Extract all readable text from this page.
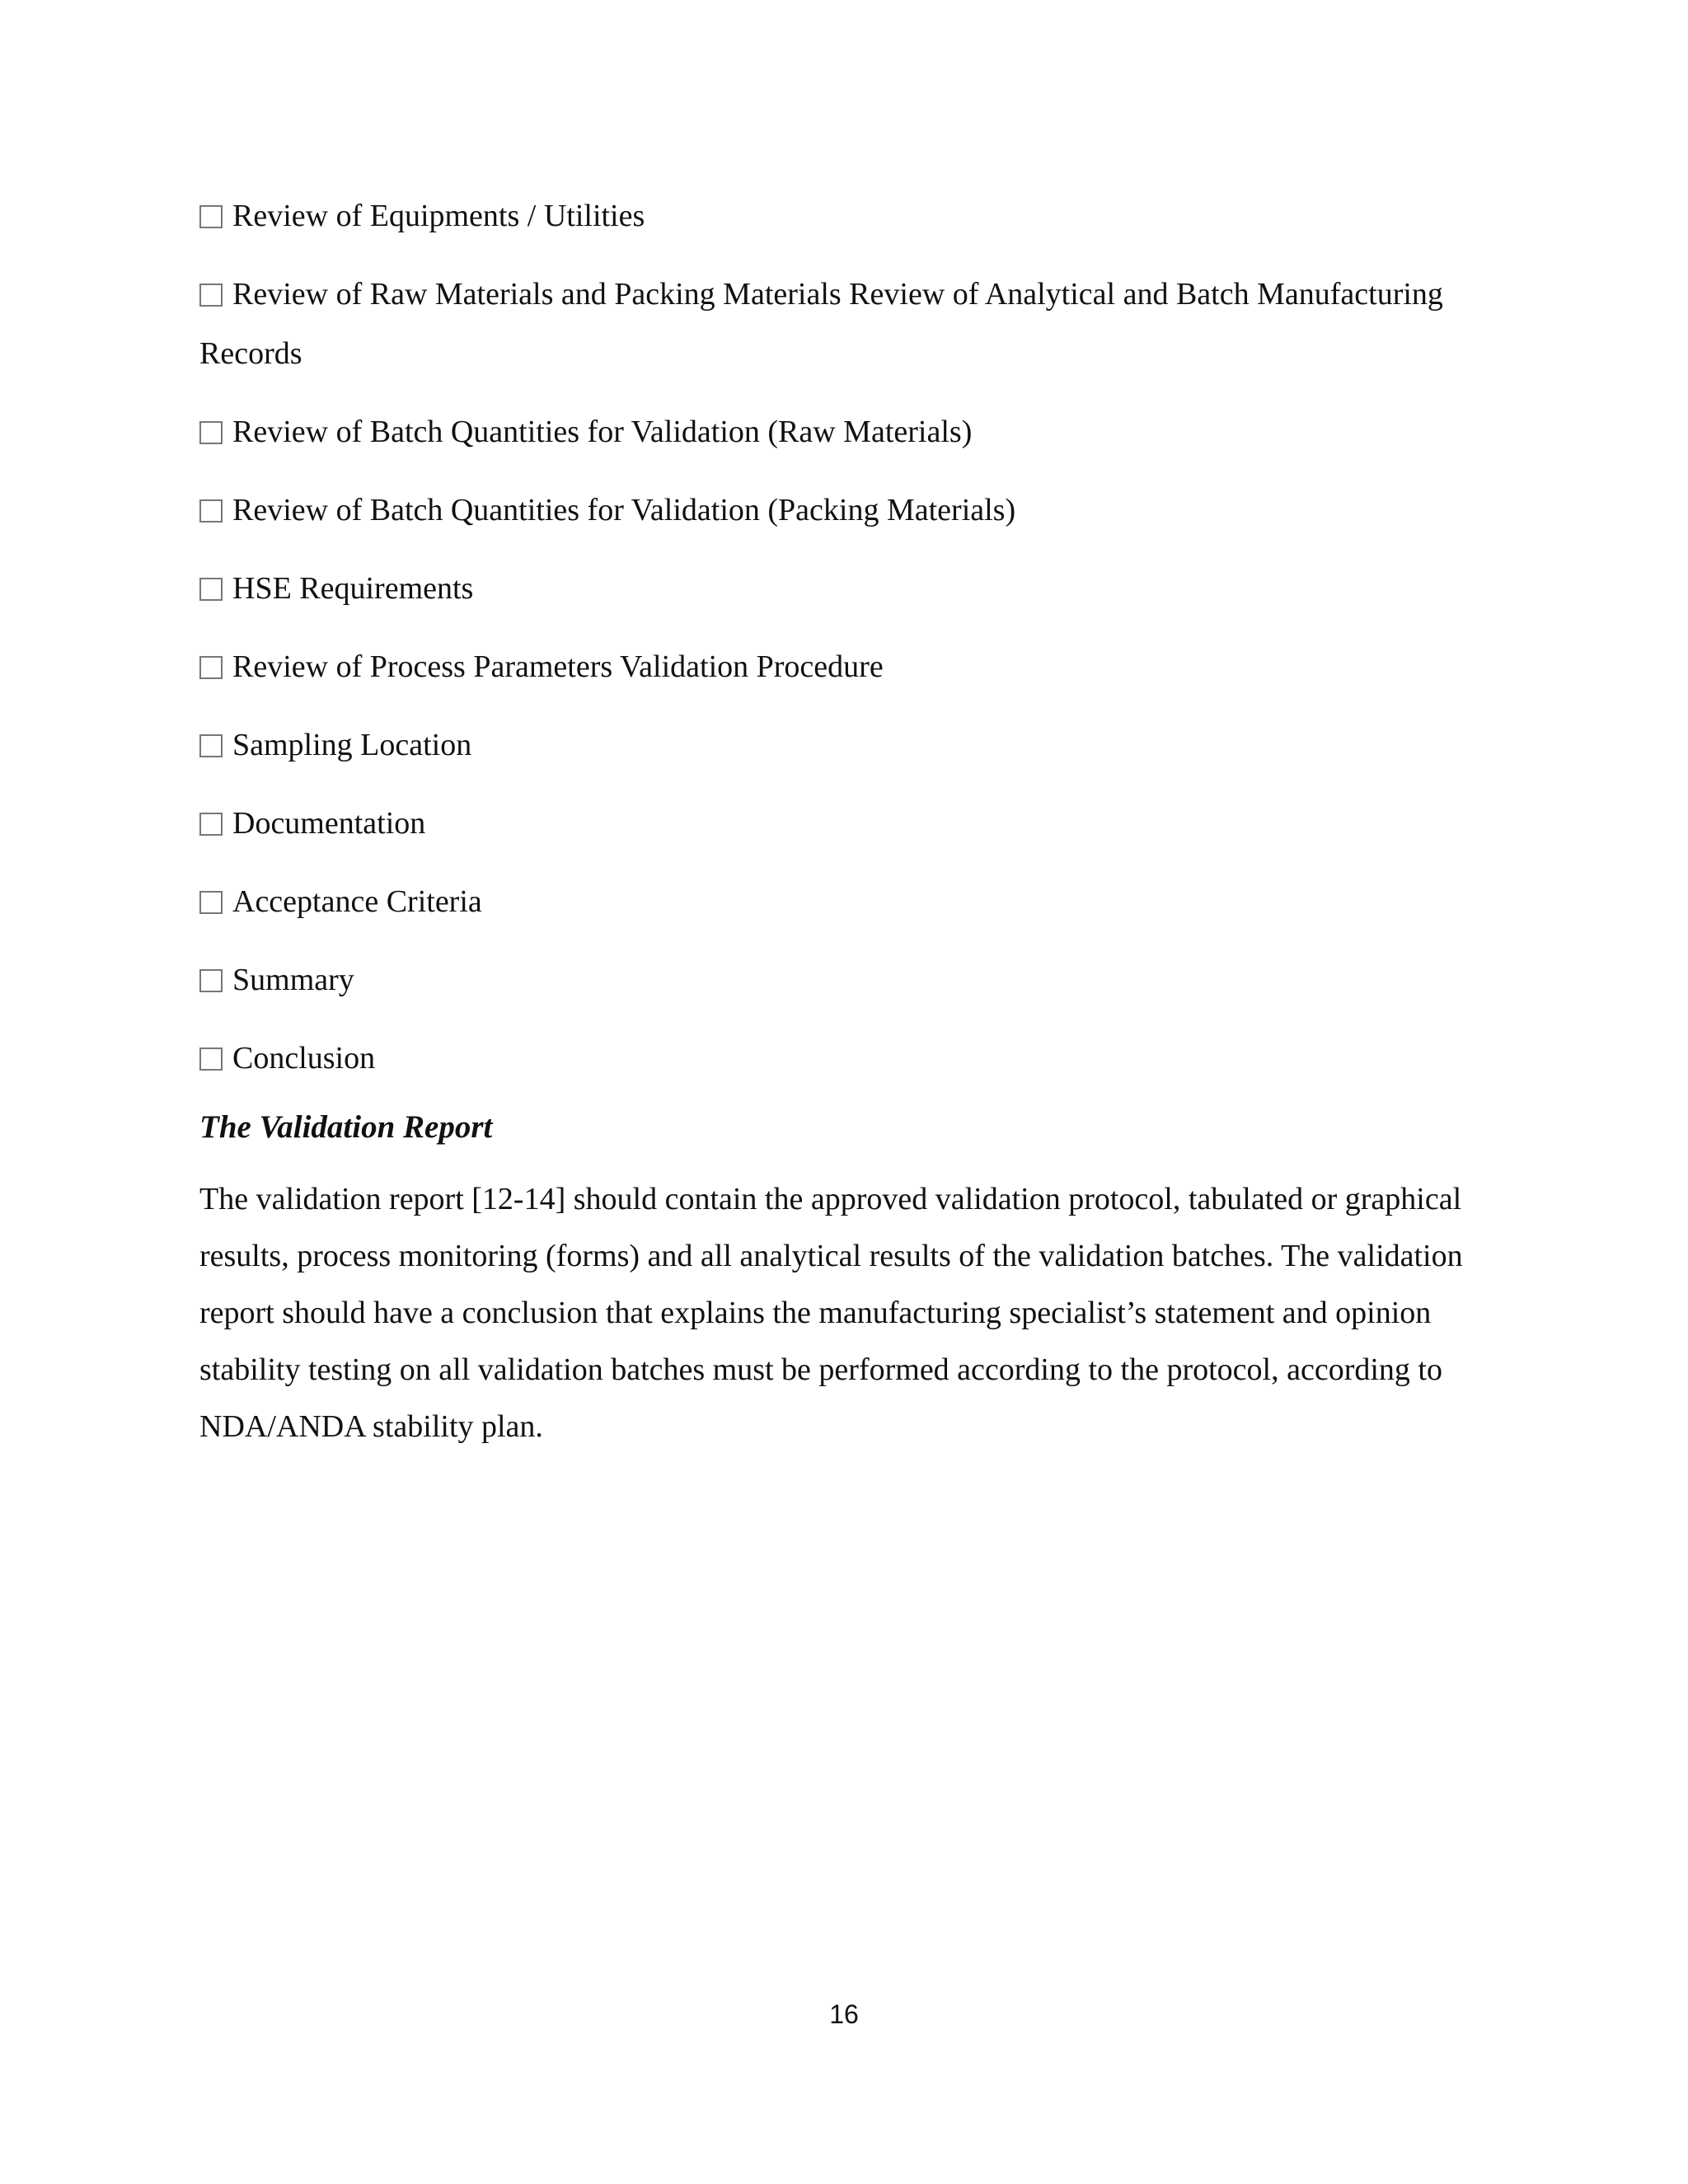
Review of Equipments / Utilities
Review of Raw Materials and Packing Materials Review of Analytical and Batch Manufacturing Records
Review of Batch Quantities for Validation (Raw Materials)
Review of Batch Quantities for Validation (Packing Materials)
HSE Requirements
Review of Process Parameters Validation Procedure
Sampling Location
Documentation
Acceptance Criteria
Summary
Conclusion
The Validation Report

The validation report [12-14] should contain the approved validation protocol, tabulated or graphical results, process monitoring (forms) and all analytical results of the validation batches. The validation report should have a conclusion that explains the manufacturing specialist’s statement and opinion stability testing on all validation batches must be performed according to the protocol, according to NDA/ANDA stability plan.

16
